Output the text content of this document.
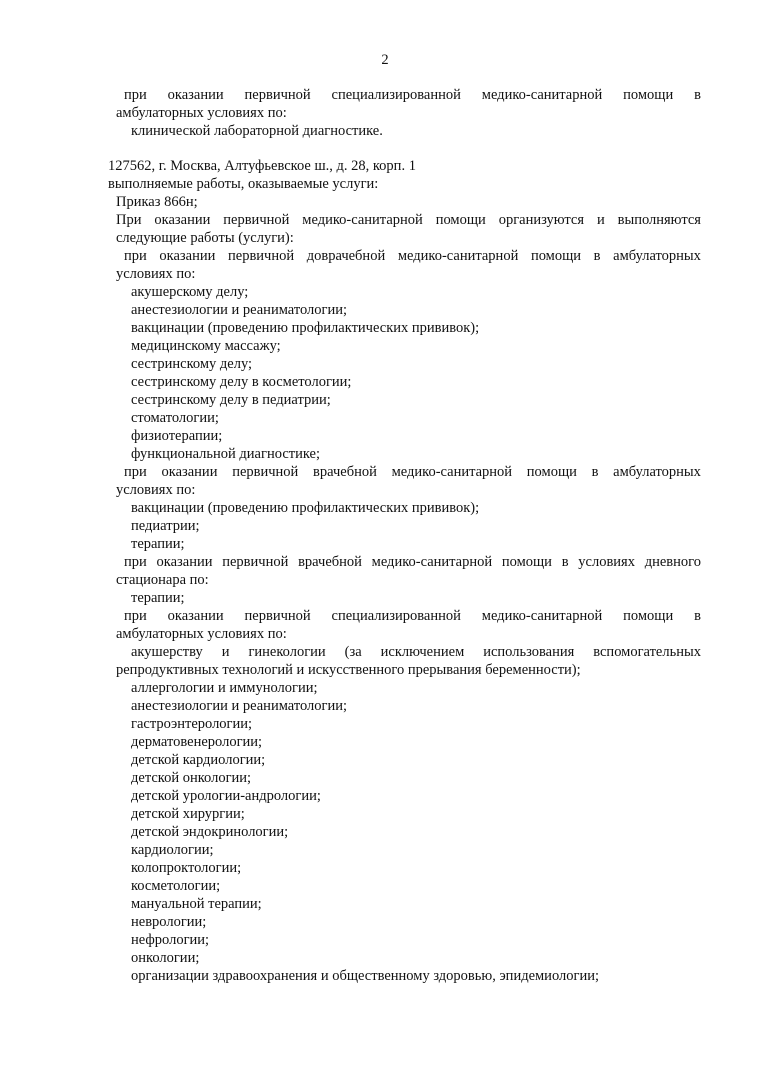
2
при оказании первичной специализированной медико-санитарной помощи в
амбулаторных условиях по:
клинической лабораторной диагностике.
127562, г. Москва, Алтуфьевское ш., д. 28, корп. 1
выполняемые работы, оказываемые услуги:
Приказ 866н;
При оказании первичной медико-санитарной помощи организуются и выполняются
следующие работы (услуги):
при оказании первичной доврачебной медико-санитарной помощи в амбулаторных
условиях по:
акушерскому делу;
анестезиологии и реаниматологии;
вакцинации (проведению профилактических прививок);
медицинскому массажу;
сестринскому делу;
сестринскому делу в косметологии;
сестринскому делу в педиатрии;
стоматологии;
физиотерапии;
функциональной диагностике;
при оказании первичной врачебной медико-санитарной помощи в амбулаторных
условиях по:
вакцинации (проведению профилактических прививок);
педиатрии;
терапии;
при оказании первичной врачебной медико-санитарной помощи в условиях дневного
стационара по:
терапии;
при оказании первичной специализированной медико-санитарной помощи в
амбулаторных условиях по:
акушерству и гинекологии (за исключением использования вспомогательных
репродуктивных технологий и искусственного прерывания беременности);
аллергологии и иммунологии;
анестезиологии и реаниматологии;
гастроэнтерологии;
дерматовенерологии;
детской кардиологии;
детской онкологии;
детской урологии-андрологии;
детской хирургии;
детской эндокринологии;
кардиологии;
колопроктологии;
косметологии;
мануальной терапии;
неврологии;
нефрологии;
онкологии;
организации здравоохранения и общественному здоровью, эпидемиологии;
